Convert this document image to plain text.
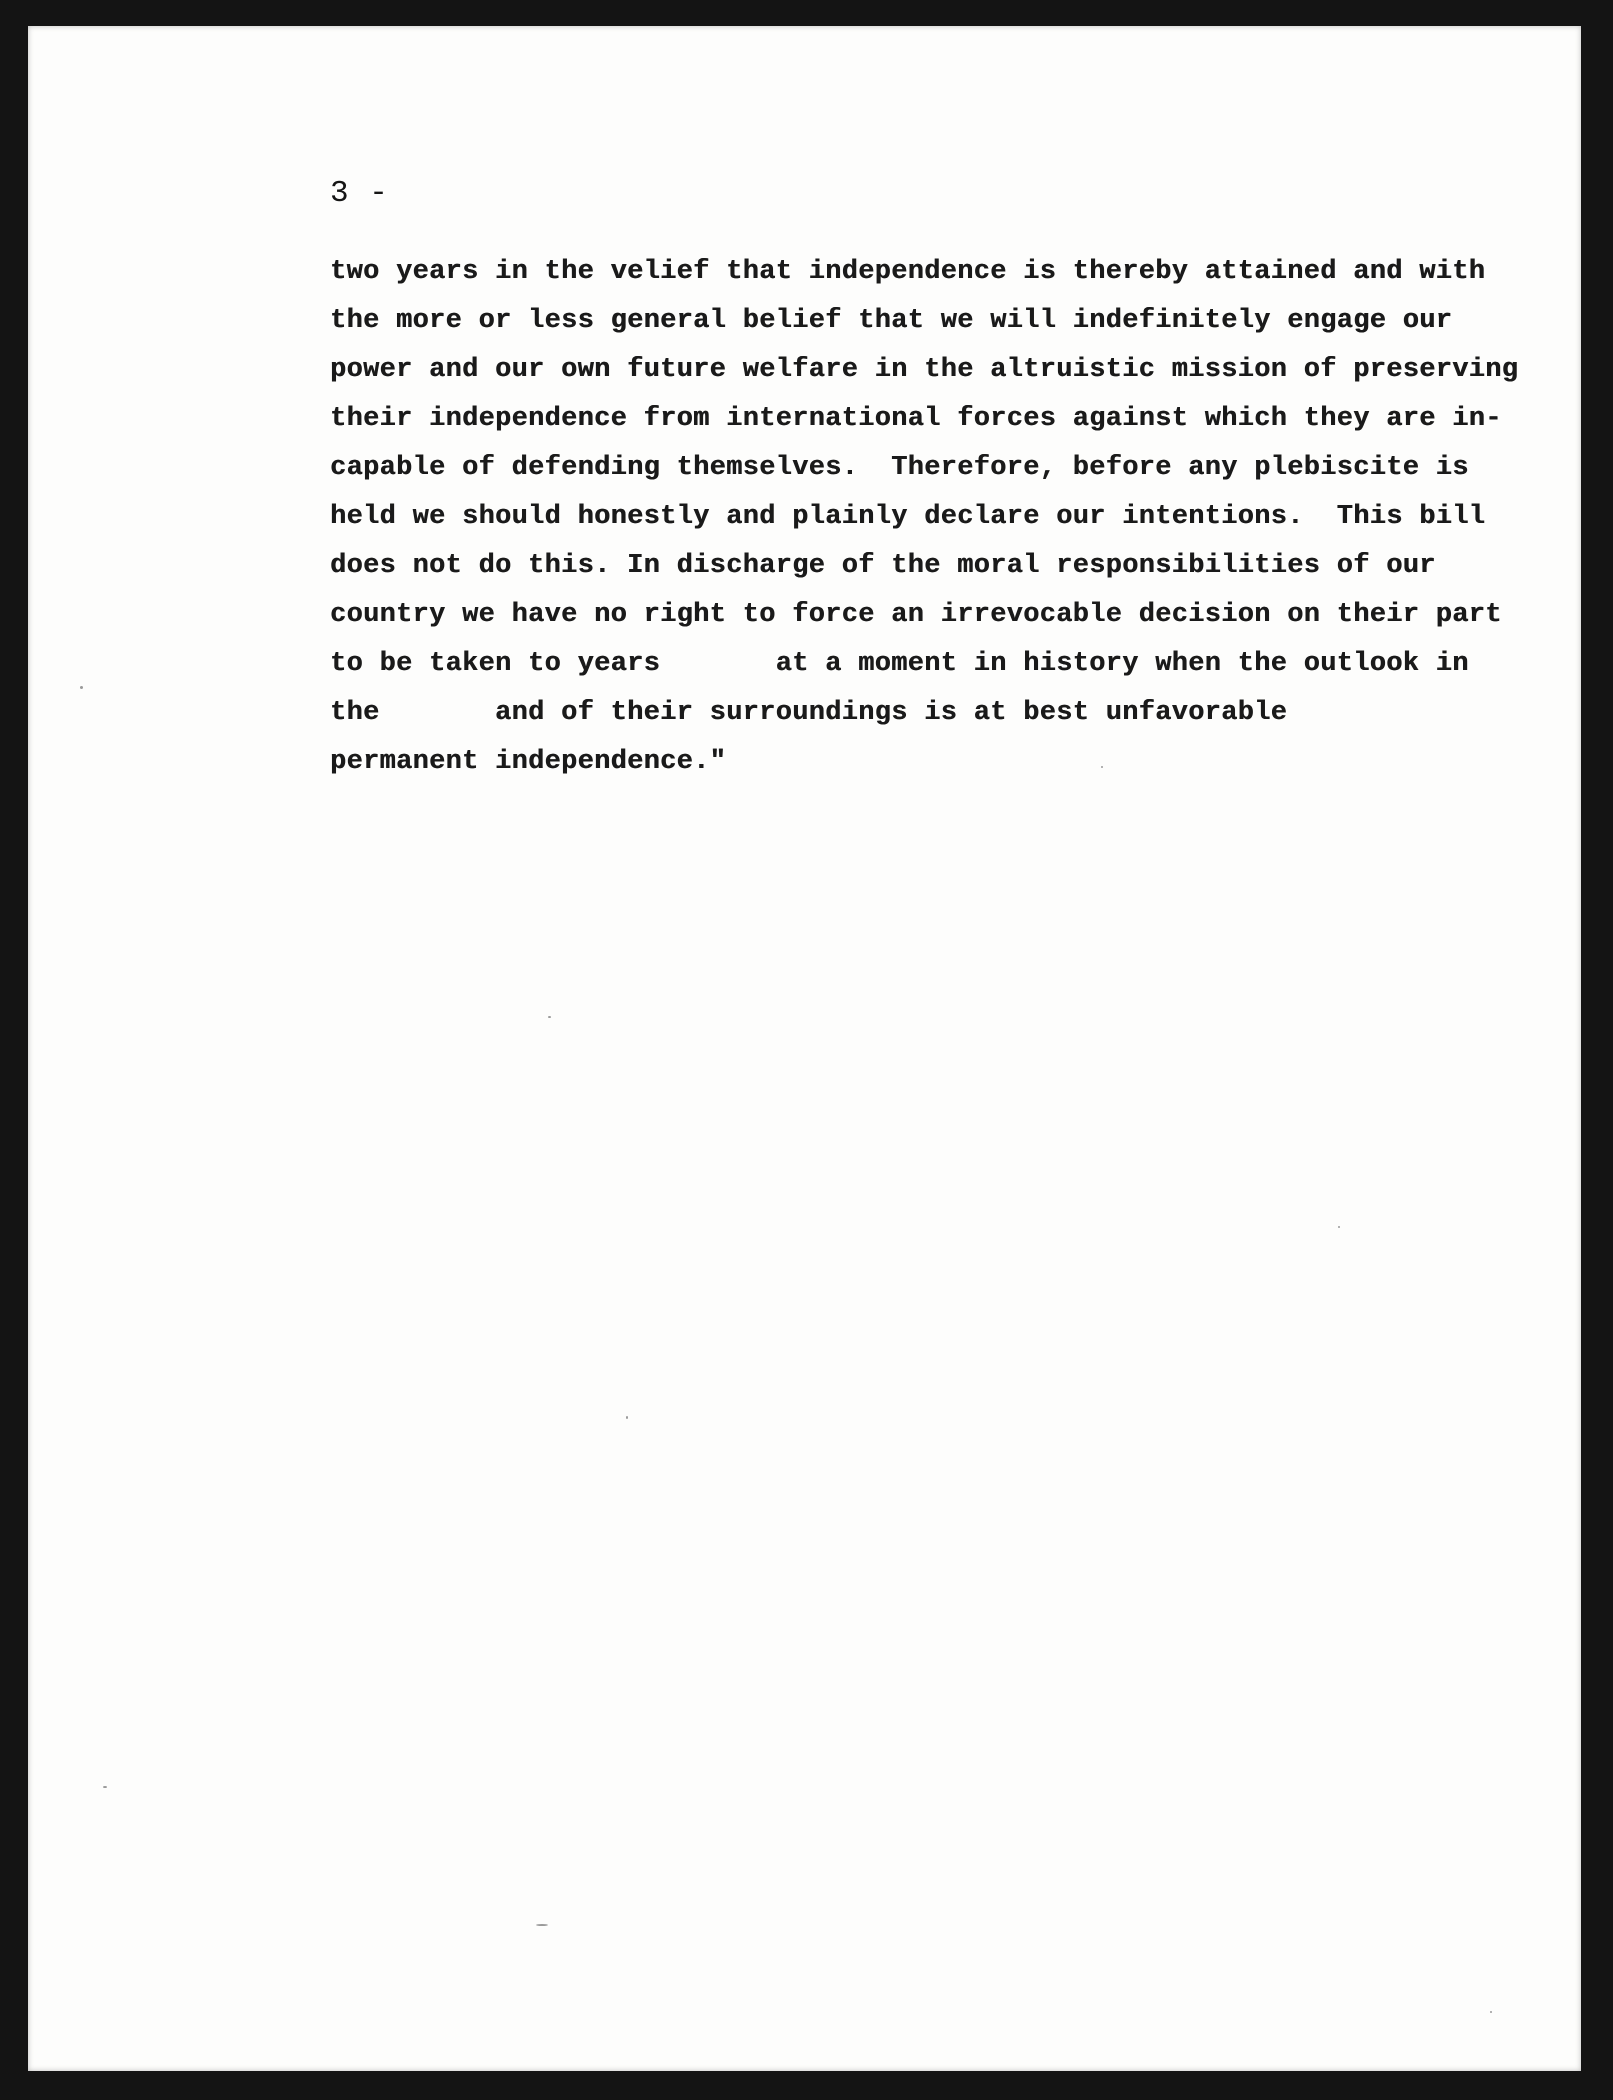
3 -
two years in the velief that independence is thereby attained and with
the more or less general belief that we will indefinitely engage our
power and our own future welfare in the altruistic mission of preserving
their independence from international forces against which they are in-
capable of defending themselves.  Therefore, before any plebiscite is
held we should honestly and plainly declare our intentions.  This bill
does not do this. In discharge of the moral responsibilities of our
country we have no right to force an irrevocable decision on their part
to be taken to years       at a moment in history when the outlook in
the       and of their surroundings is at best unfavorable
permanent independence."
